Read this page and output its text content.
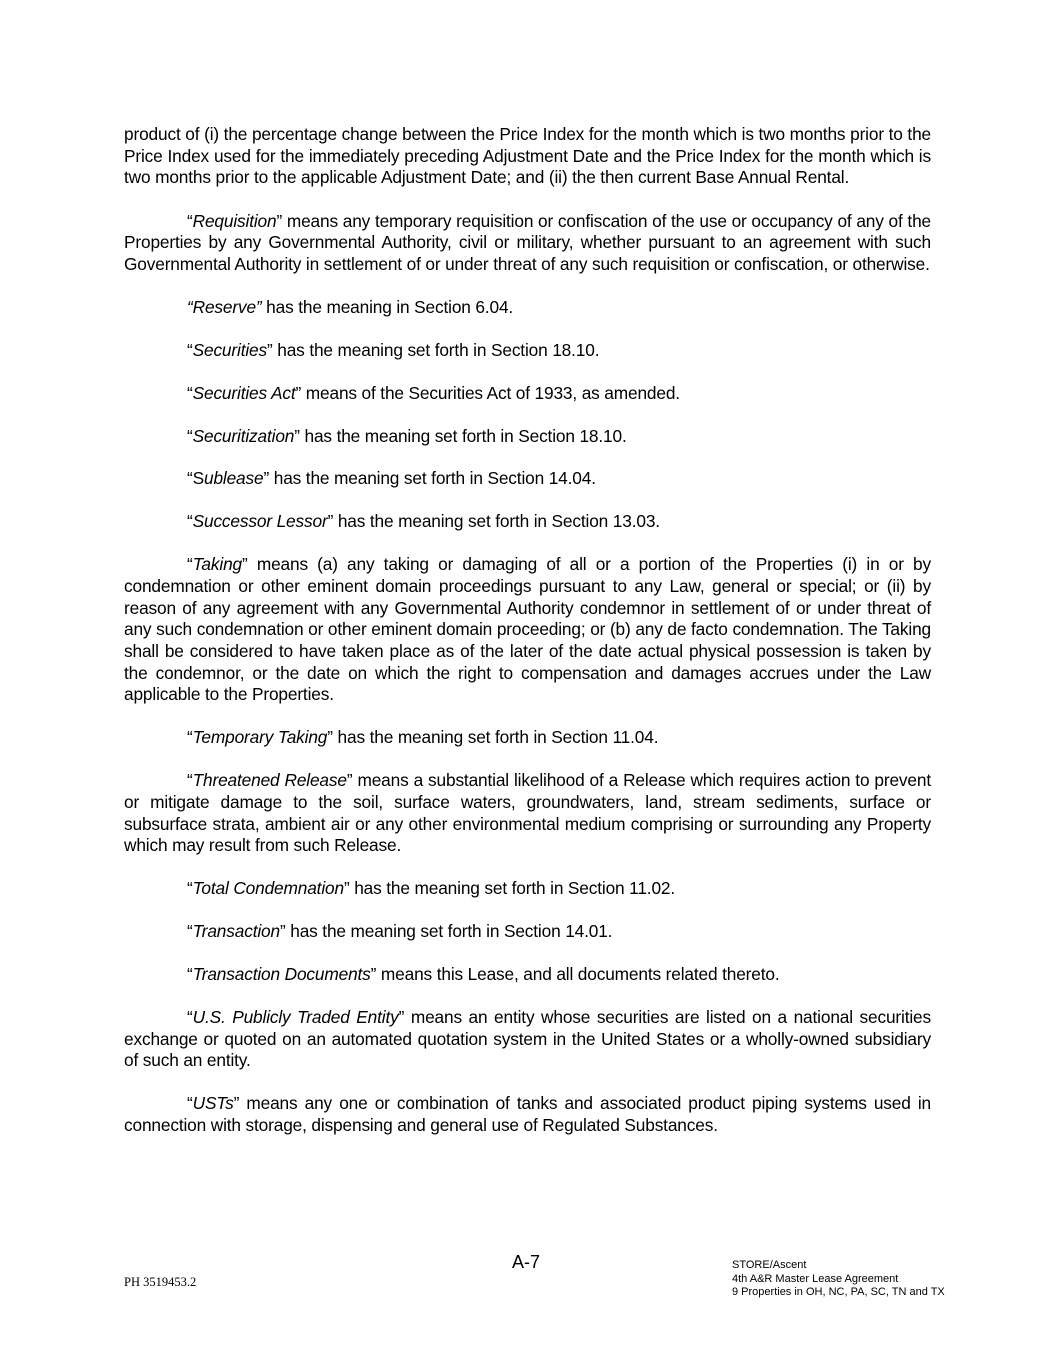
product of (i) the percentage change between the Price Index for the month which is two months prior to the Price Index used for the immediately preceding Adjustment Date and the Price Index for the month which is two months prior to the applicable Adjustment Date; and (ii) the then current Base Annual Rental.

“Requisition” means any temporary requisition or confiscation of the use or occupancy of any of the Properties by any Governmental Authority, civil or military, whether pursuant to an agreement with such Governmental Authority in settlement of or under threat of any such requisition or confiscation, or otherwise.

“Reserve” has the meaning in Section 6.04.

“Securities” has the meaning set forth in Section 18.10.

“Securities Act” means of the Securities Act of 1933, as amended.

“Securitization” has the meaning set forth in Section 18.10.

“Sublease” has the meaning set forth in Section 14.04.

“Successor Lessor” has the meaning set forth in Section 13.03.

“Taking” means (a) any taking or damaging of all or a portion of the Properties (i) in or by condemnation or other eminent domain proceedings pursuant to any Law, general or special; or (ii) by reason of any agreement with any Governmental Authority condemnor in settlement of or under threat of any such condemnation or other eminent domain proceeding; or (b) any de facto condemnation. The Taking shall be considered to have taken place as of the later of the date actual physical possession is taken by the condemnor, or the date on which the right to compensation and damages accrues under the Law applicable to the Properties.

“Temporary Taking” has the meaning set forth in Section 11.04.

“Threatened Release” means a substantial likelihood of a Release which requires action to prevent or mitigate damage to the soil, surface waters, groundwaters, land, stream sediments, surface or subsurface strata, ambient air or any other environmental medium comprising or surrounding any Property which may result from such Release.

“Total Condemnation” has the meaning set forth in Section 11.02.

“Transaction” has the meaning set forth in Section 14.01.

“Transaction Documents” means this Lease, and all documents related thereto.

“U.S. Publicly Traded Entity” means an entity whose securities are listed on a national securities exchange or quoted on an automated quotation system in the United States or a wholly-owned subsidiary of such an entity.

“USTs” means any one or combination of tanks and associated product piping systems used in connection with storage, dispensing and general use of Regulated Substances.

PH 3519453.2
A-7	STORE/Ascent
4th A&R Master Lease Agreement
9 Properties in OH, NC, PA, SC, TN and TX
